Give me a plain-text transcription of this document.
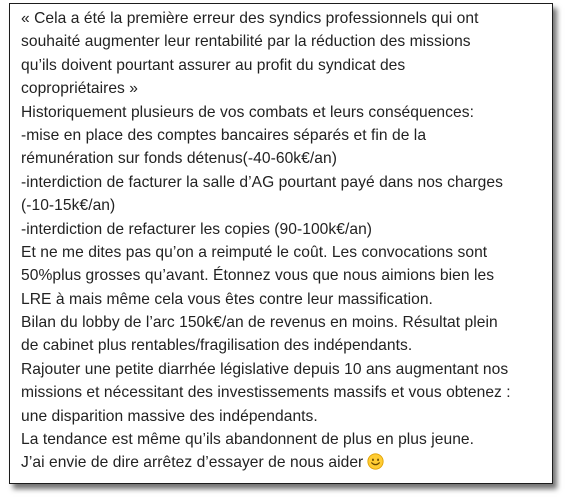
« Cela a été la première erreur des syndics professionnels qui ont
souhaité augmenter leur rentabilité par la réduction des missions
qu’ils doivent pourtant assurer au profit du syndicat des
copropriétaires »
Historiquement plusieurs de vos combats et leurs conséquences:
-mise en place des comptes bancaires séparés et fin de la
rémunération sur fonds détenus(-40-60k€/an)
-interdiction de facturer la salle d’AG pourtant payé dans nos charges
(-10-15k€/an)
-interdiction de refacturer les copies (90-100k€/an)
Et ne me dites pas qu’on a reimputé le coût. Les convocations sont
50%plus grosses qu’avant. Étonnez vous que nous aimions bien les
LRE à mais même cela vous êtes contre leur massification.
Bilan du lobby de l’arc 150k€/an de revenus en moins. Résultat plein
de cabinet plus rentables/fragilisation des indépendants.
Rajouter une petite diarrhée législative depuis 10 ans augmentant nos
missions et nécessitant des investissements massifs et vous obtenez :
une disparition massive des indépendants.
La tendance est même qu’ils abandonnent de plus en plus jeune.
J’ai envie de dire arrêtez d’essayer de nous aider
